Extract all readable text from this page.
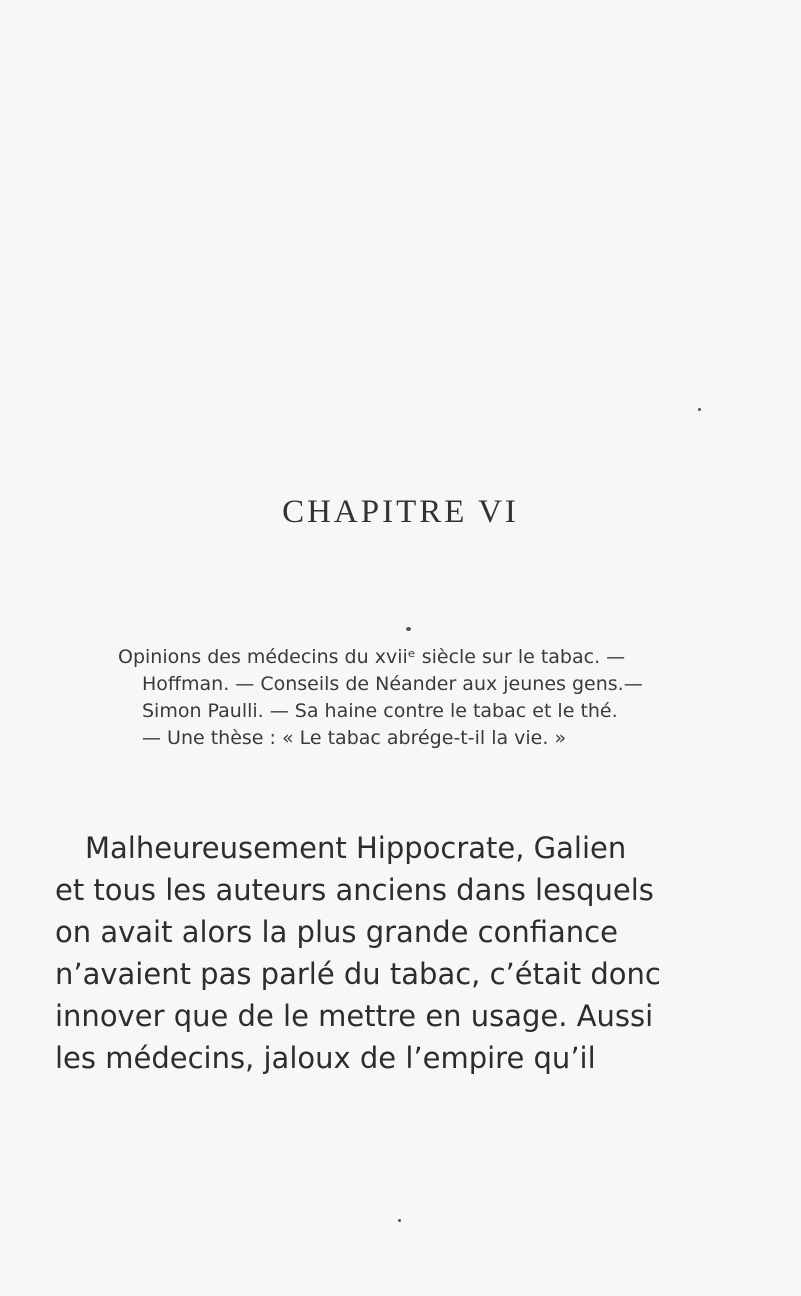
CHAPITRE VI
Opinions des médecins du xviiᵉ siècle sur le tabac. —
Hoffman. — Conseils de Néander aux jeunes gens.—
Simon Paulli. — Sa haine contre le tabac et le thé.
— Une thèse : « Le tabac abrége-t-il la vie. »
Malheureusement Hippocrate, Galien
et tous les auteurs anciens dans lesquels
on avait alors la plus grande confiance
n’avaient pas parlé du tabac, c’était donc
innover que de le mettre en usage. Aussi
les médecins, jaloux de l’empire qu’il
